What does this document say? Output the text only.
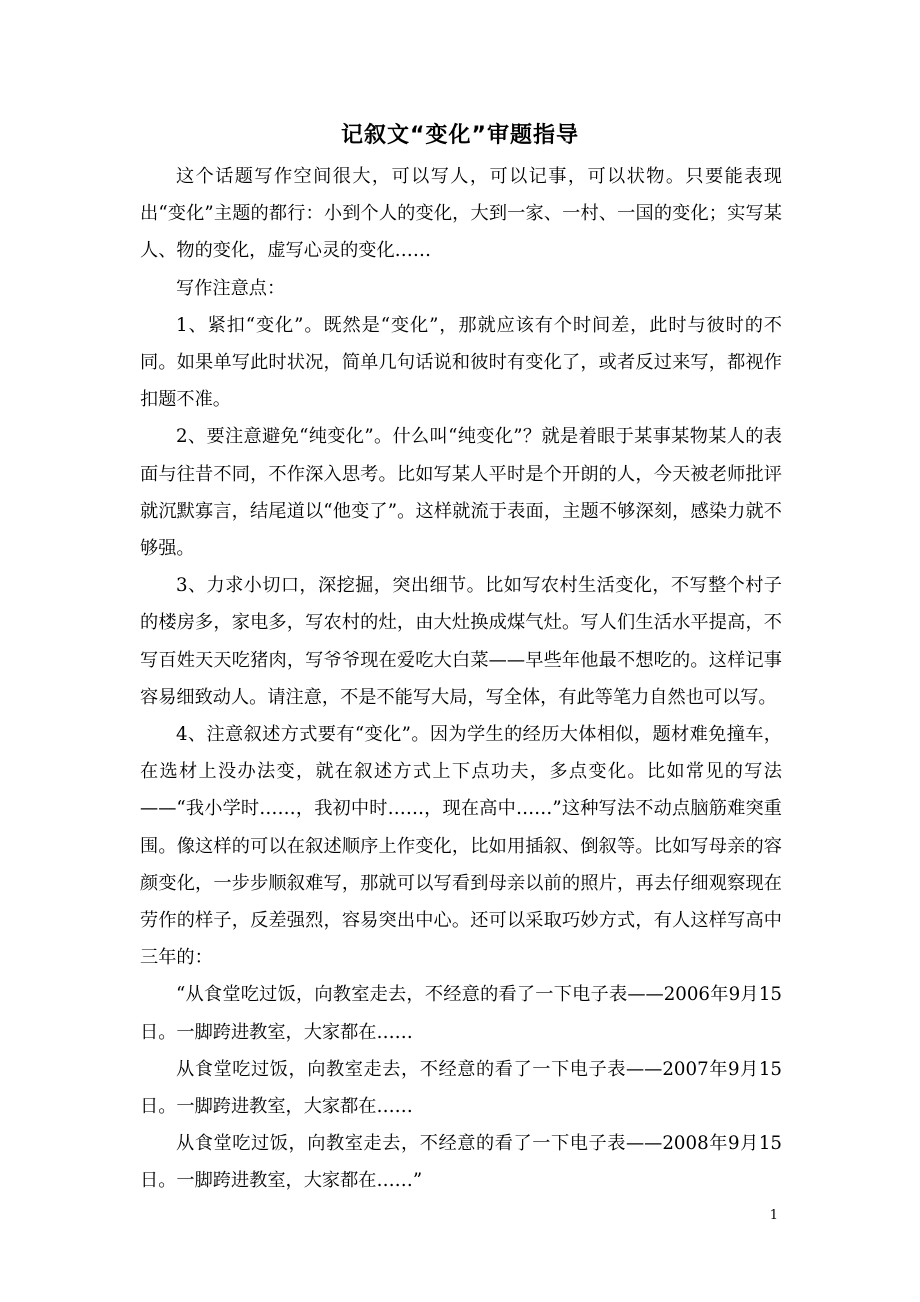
记叙文“变化”审题指导

这个话题写作空间很大，可以写人，可以记事，可以状物。只要能表现出“变化”主题的都行：小到个人的变化，大到一家、一村、一国的变化；实写某人、物的变化，虚写心灵的变化……

写作注意点：

1、紧扣“变化”。既然是“变化”，那就应该有个时间差，此时与彼时的不同。如果单写此时状况，简单几句话说和彼时有变化了，或者反过来写，都视作扣题不准。

2、要注意避免“纯变化”。什么叫“纯变化”？就是着眼于某事某物某人的表面与往昔不同，不作深入思考。比如写某人平时是个开朗的人，今天被老师批评就沉默寡言，结尾道以“他变了”。这样就流于表面，主题不够深刻，感染力就不够强。

3、力求小切口，深挖掘，突出细节。比如写农村生活变化，不写整个村子的楼房多，家电多，写农村的灶，由大灶换成煤气灶。写人们生活水平提高，不写百姓天天吃猪肉，写爷爷现在爱吃大白菜——早些年他最不想吃的。这样记事容易细致动人。请注意，不是不能写大局，写全体，有此等笔力自然也可以写。

4、注意叙述方式要有“变化”。因为学生的经历大体相似，题材难免撞车，在选材上没办法变，就在叙述方式上下点功夫，多点变化。比如常见的写法——“我小学时……，我初中时……，现在高中……”这种写法不动点脑筋难突重围。像这样的可以在叙述顺序上作变化，比如用插叙、倒叙等。比如写母亲的容颜变化，一步步顺叙难写，那就可以写看到母亲以前的照片，再去仔细观察现在劳作的样子，反差强烈，容易突出中心。还可以采取巧妙方式，有人这样写高中三年的：

“从食堂吃过饭，向教室走去，不经意的看了一下电子表——2006年9月15日。一脚跨进教室，大家都在……

从食堂吃过饭，向教室走去，不经意的看了一下电子表——2007年9月15日。一脚跨进教室，大家都在……

从食堂吃过饭，向教室走去，不经意的看了一下电子表——2008年9月15日。一脚跨进教室，大家都在……”

1
